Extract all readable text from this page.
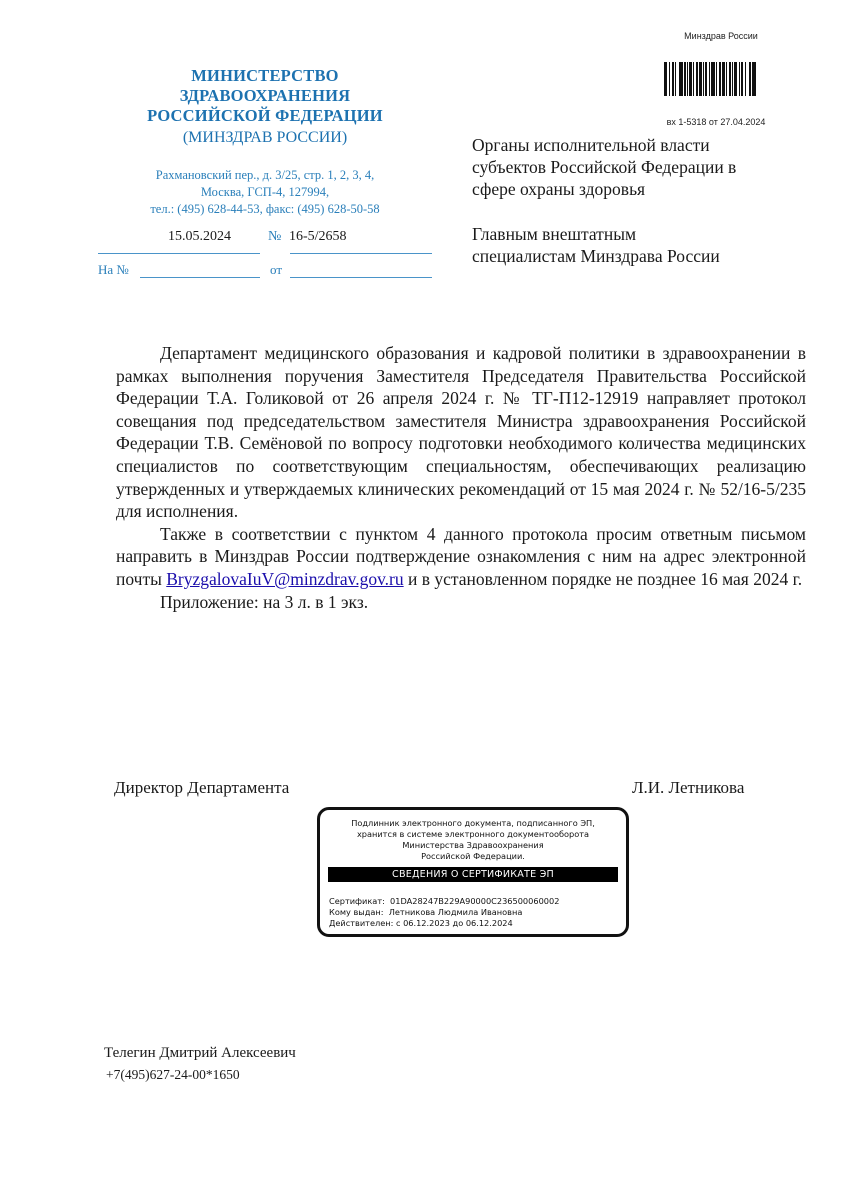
Минздрав России
вх 1-5318 от 27.04.2024
МИНИСТЕРСТВО
ЗДРАВООХРАНЕНИЯ
РОССИЙСКОЙ ФЕДЕРАЦИИ
(МИНЗДРАВ РОССИИ)
Рахмановский пер., д. 3/25, стр. 1, 2, 3, 4,
Москва, ГСП-4, 127994,
тел.: (495) 628-44-53, факс: (495) 628-50-58
15.05.2024	№ 16-5/2658
На №	от
Органы исполнительной власти
субъектов Российской Федерации в
сфере охраны здоровья
Главным внештатным
специалистам Минздрава России

Департамент медицинского образования и кадровой политики в здравоохранении в рамках выполнения поручения Заместителя Председателя Правительства Российской Федерации Т.А. Голиковой от 26 апреля 2024 г. № ТГ-П12-12919 направляет протокол совещания под председательством заместителя Министра здравоохранения Российской Федерации Т.В. Семёновой по вопросу подготовки необходимого количества медицинских специалистов по соответствующим специальностям, обеспечивающих реализацию утвержденных и утверждаемых клинических рекомендаций от 15 мая 2024 г. № 52/16-5/235 для исполнения.

Также в соответствии с пунктом 4 данного протокола просим ответным письмом направить в Минздрав России подтверждение ознакомления с ним на адрес электронной почты BryzgalovaIuV@minzdrav.gov.ru и в установленном порядке не позднее 16 мая 2024 г.

Приложение: на 3 л. в 1 экз.

Директор Департамента	Л.И. Летникова
Подлинник электронного документа, подписанного ЭП,
хранится в системе электронного документооборота
Министерства Здравоохранения
Российской Федерации.
СВЕДЕНИЯ О СЕРТИФИКАТЕ ЭП
Сертификат:  01DA28247B229A90000C236500060002
Кому выдан:  Летникова Людмила Ивановна
Действителен: с 06.12.2023 до 06.12.2024
Телегин Дмитрий Алексеевич
+7(495)627-24-00*1650
